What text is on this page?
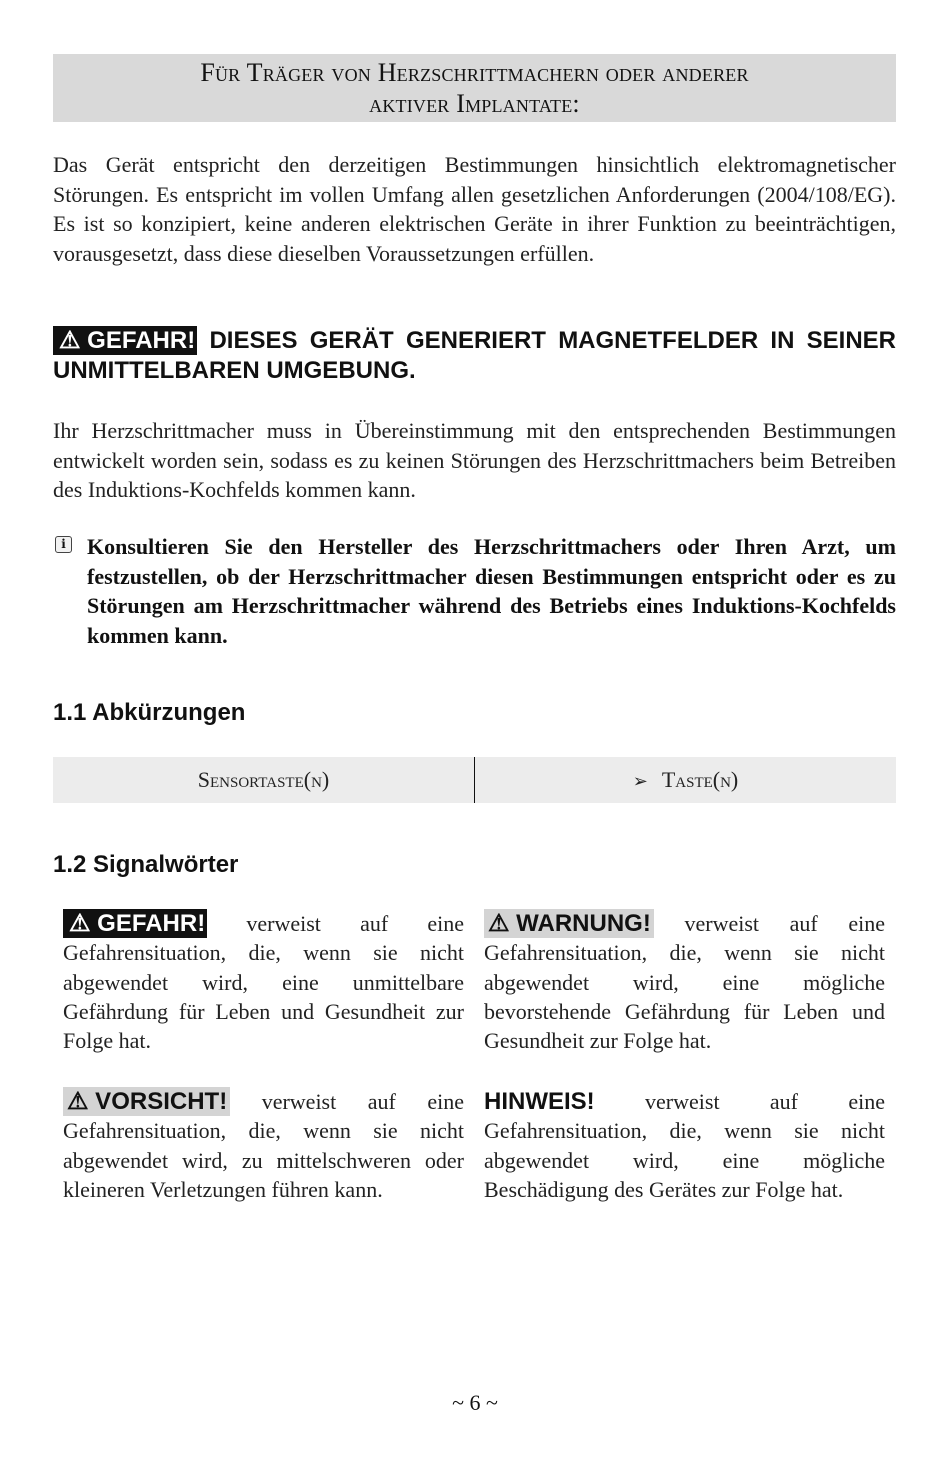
Für Träger von Herzschrittmachern oder anderer
aktiver Implantate:
Das Gerät entspricht den derzeitigen Bestimmungen hinsichtlich elektromagnetischer Störungen. Es entspricht im vollen Umfang allen gesetzlichen Anforderungen (2004/108/EG). Es ist so konzipiert, keine anderen elektrischen Geräte in ihrer Funktion zu beeinträchtigen, vorausgesetzt, dass diese dieselben Voraussetzungen erfüllen.
⚠ GEFAHR! DIESES GERÄT GENERIERT MAGNETFELDER IN SEINER UNMITTELBAREN UMGEBUNG.
Ihr Herzschrittmacher muss in Übereinstimmung mit den entsprechenden Bestimmungen entwickelt worden sein, sodass es zu keinen Störungen des Herzschrittmachers beim Betreiben des Induktions-Kochfelds kommen kann.
i Konsultieren Sie den Hersteller des Herzschrittmachers oder Ihren Arzt, um festzustellen, ob der Herzschrittmacher diesen Bestimmungen entspricht oder es zu Störungen am Herzschrittmacher während des Betriebs eines Induktions-Kochfelds kommen kann.
1.1 Abkürzungen
Sensortaste(n)	➢ Taste(n)
1.2 Signalwörter
⚠ GEFAHR! verweist auf eine Gefahrensituation, die, wenn sie nicht abgewendet wird, eine unmittelbare Gefährdung für Leben und Gesundheit zur Folge hat.
⚠ WARNUNG! verweist auf eine Gefahrensituation, die, wenn sie nicht abgewendet wird, eine mögliche bevorstehende Gefährdung für Leben und Gesundheit zur Folge hat.
⚠ VORSICHT! verweist auf eine Gefahrensituation, die, wenn sie nicht abgewendet wird, zu mittelschweren oder kleineren Verletzungen führen kann.
HINWEIS! verweist auf eine Gefahrensituation, die, wenn sie nicht abgewendet wird, eine mögliche Beschädigung des Gerätes zur Folge hat.
~ 6 ~
